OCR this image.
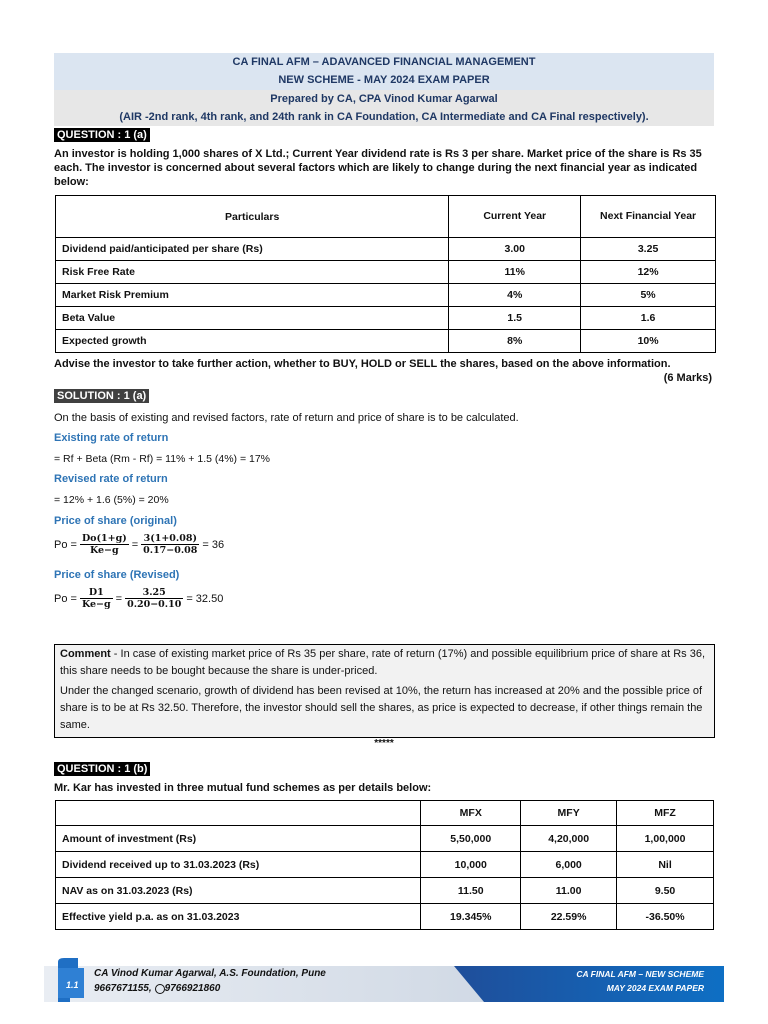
CA FINAL AFM – ADAVANCED FINANCIAL MANAGEMENT
NEW SCHEME - MAY 2024 EXAM PAPER
Prepared by CA, CPA Vinod Kumar Agarwal
(AIR -2nd rank, 4th rank, and 24th rank in CA Foundation, CA Intermediate and CA Final respectively).
QUESTION : 1 (a)
An investor is holding 1,000 shares of X Ltd.; Current Year dividend rate is Rs 3 per share. Market price of the share is Rs 35 each. The investor is concerned about several factors which are likely to change during the next financial year as indicated below:
Particulars	Current Year	Next Financial Year
Dividend paid/anticipated per share (Rs)	3.00	3.25
Risk Free Rate	11%	12%
Market Risk Premium	4%	5%
Beta Value	1.5	1.6
Expected growth	8%	10%
Advise the investor to take further action, whether to BUY, HOLD or SELL the shares, based on the above information.
(6 Marks)
SOLUTION : 1 (a)
On the basis of existing and revised factors, rate of return and price of share is to be calculated.
Existing rate of return
= Rf + Beta (Rm - Rf) = 11% + 1.5 (4%) = 17%
Revised rate of return
= 12% + 1.6 (5%) = 20%
Price of share (original)
$Po = \frac{Do(1+g)}{Ke-g} = \frac{3(1+0.08)}{0.17-0.08} = 36$
Price of share (Revised)
$Po = \frac{D1}{Ke-g} = \frac{3.25}{0.20-0.10} = 32.50$
Comment - In case of existing market price of Rs 35 per share, rate of return (17%) and possible equilibrium price of share at Rs 36, this share needs to be bought because the share is under-priced.
Under the changed scenario, growth of dividend has been revised at 10%, the return has increased at 20% and the possible price of share is to be at Rs 32.50. Therefore, the investor should sell the shares, as price is expected to decrease, if other things remain the same.
*****
QUESTION : 1 (b)
Mr. Kar has invested in three mutual fund schemes as per details below:
	MFX	MFY	MFZ
Amount of investment (Rs)	5,50,000	4,20,000	1,00,000
Dividend received up to 31.03.2023 (Rs)	10,000	6,000	Nil
NAV as on 31.03.2023 (Rs)	11.50	11.00	9.50
Effective yield p.a. as on 31.03.2023	19.345%	22.59%	-36.50%
1.1
CA Vinod Kumar Agarwal, A.S. Foundation, Pune
9667671155, 9766921860
CA FINAL AFM – NEW SCHEME
MAY 2024 EXAM PAPER
